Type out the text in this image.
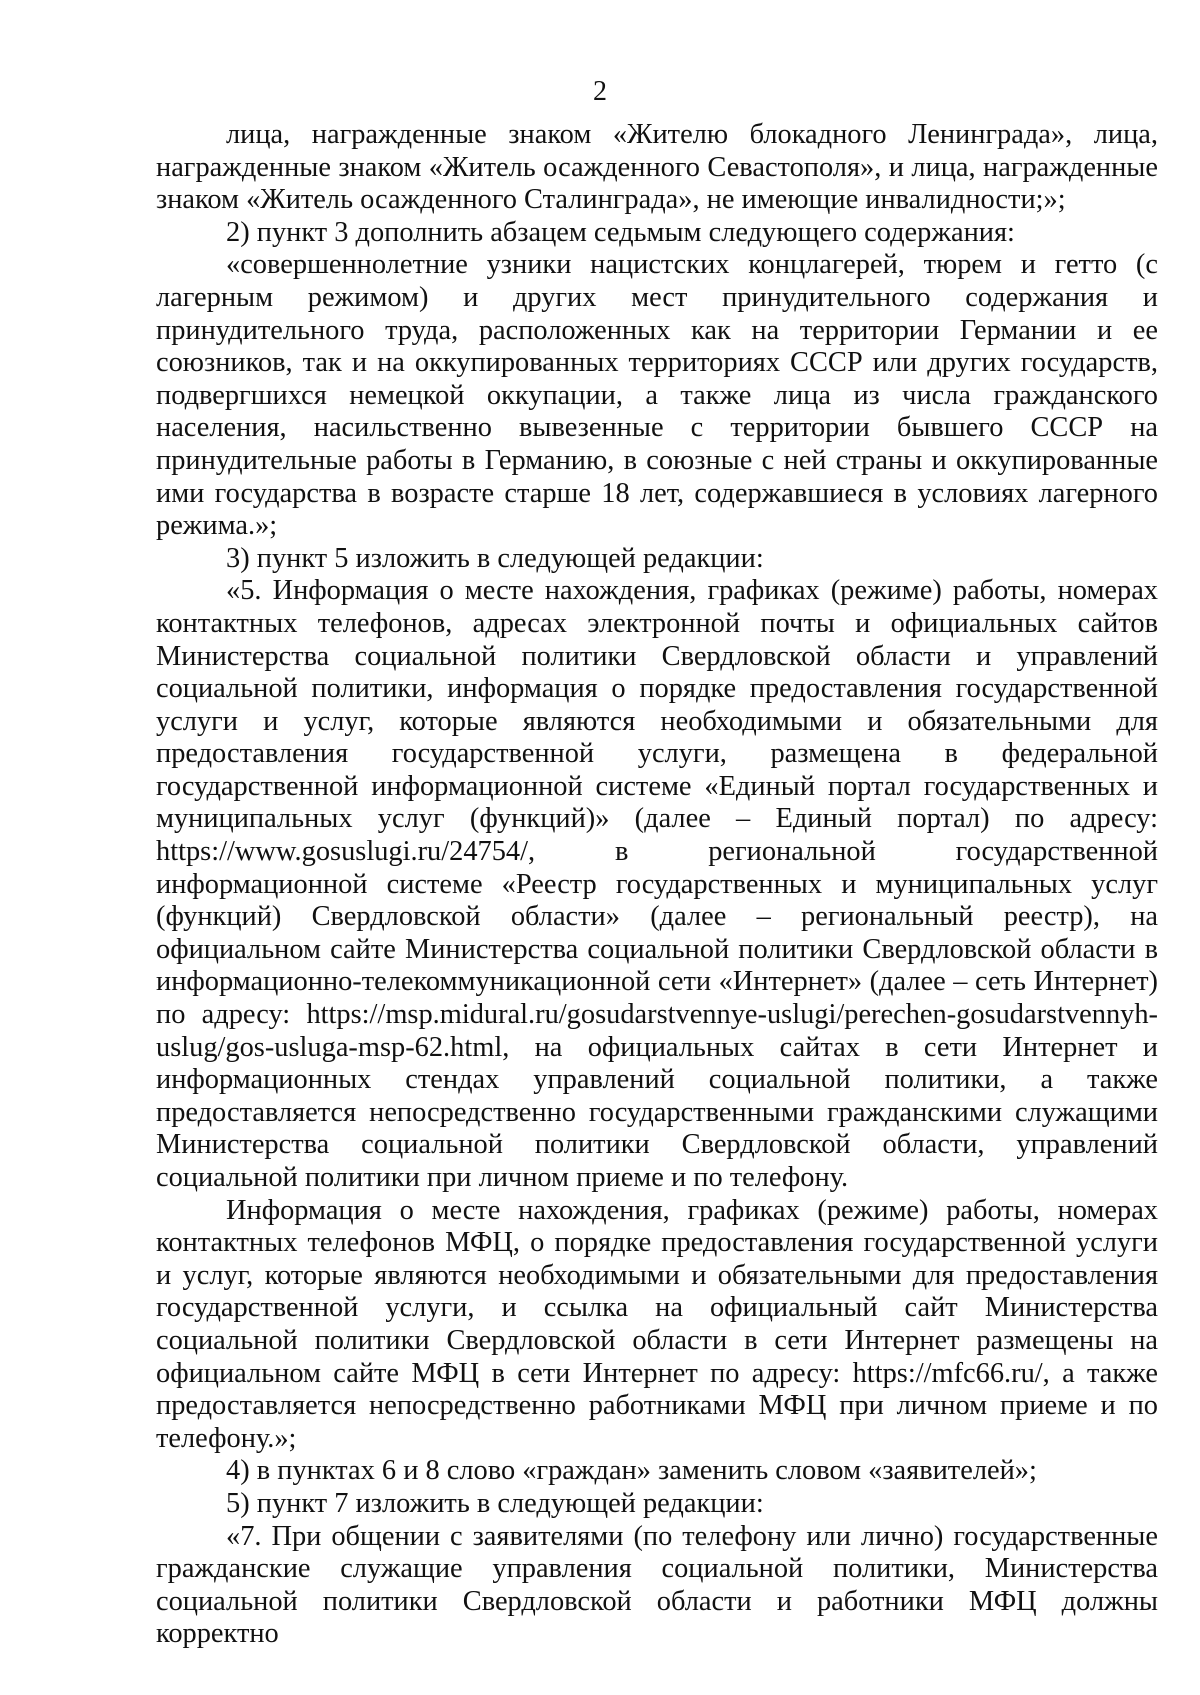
2

лица, награжденные знаком «Жителю блокадного Ленинграда», лица, награжденные знаком «Житель осажденного Севастополя», и лица, награжденные знаком «Житель осажденного Сталинграда», не имеющие инвалидности;»;

2) пункт 3 дополнить абзацем седьмым следующего содержания:

«совершеннолетние узники нацистских концлагерей, тюрем и гетто (с лагерным режимом) и других мест принудительного содержания и принудительного труда, расположенных как на территории Германии и ее союзников, так и на оккупированных территориях СССР или других государств, подвергшихся немецкой оккупации, а также лица из числа гражданского населения, насильственно вывезенные с территории бывшего СССР на принудительные работы в Германию, в союзные с ней страны и оккупированные ими государства в возрасте старше 18 лет, содержавшиеся в условиях лагерного режима.»;

3) пункт 5 изложить в следующей редакции:

«5. Информация о месте нахождения, графиках (режиме) работы, номерах контактных телефонов, адресах электронной почты и официальных сайтов Министерства социальной политики Свердловской области и управлений социальной политики, информация о порядке предоставления государственной услуги и услуг, которые являются необходимыми и обязательными для предоставления государственной услуги, размещена в федеральной государственной информационной системе «Единый портал государственных и муниципальных услуг (функций)» (далее – Единый портал) по адресу: https://www.gosuslugi.ru/24754/, в региональной государственной информационной системе «Реестр государственных и муниципальных услуг (функций) Свердловской области» (далее – региональный реестр), на официальном сайте Министерства социальной политики Свердловской области в информационно-телекоммуникационной сети «Интернет» (далее – сеть Интернет) по адресу: https://msp.midural.ru/gosudarstvennye-uslugi/perechen-gosudarstvennyh-uslug/gos-usluga-msp-62.html, на официальных сайтах в сети Интернет и информационных стендах управлений социальной политики, а также предоставляется непосредственно государственными гражданскими служащими Министерства социальной политики Свердловской области, управлений социальной политики при личном приеме и по телефону.

Информация о месте нахождения, графиках (режиме) работы, номерах контактных телефонов МФЦ, о порядке предоставления государственной услуги и услуг, которые являются необходимыми и обязательными для предоставления государственной услуги, и ссылка на официальный сайт Министерства социальной политики Свердловской области в сети Интернет размещены на официальном сайте МФЦ в сети Интернет по адресу: https://mfc66.ru/, а также предоставляется непосредственно работниками МФЦ при личном приеме и по телефону.»;

4) в пунктах 6 и 8 слово «граждан» заменить словом «заявителей»;

5) пункт 7 изложить в следующей редакции:

«7. При общении с заявителями (по телефону или лично) государственные гражданские служащие управления социальной политики, Министерства социальной политики Свердловской области и работники МФЦ должны корректно
